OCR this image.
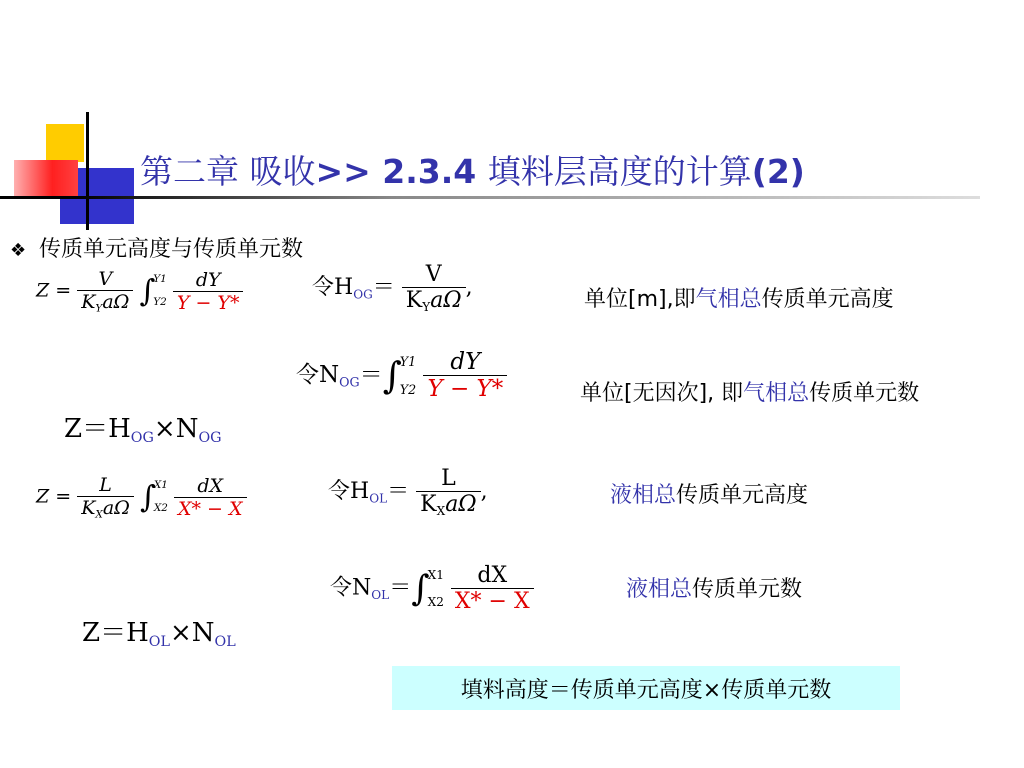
第二章 吸收>> 2.3.4 填料层高度的计算(2)
❖ 传质单元高度与传质单元数
$Z = \frac{V}{K_Ya\Omega}$ ∫
Y1
Y2
$\frac{dY}{Y - Y*}$	令$H_{OG}= \frac{V}{K_Ya\Omega}$ ,	单位[m],即气相总传质单元高度
令$N_{OG}=\int$
Y1
Y2
$\frac{dY}{Y - Y*}$	单位[无因次], 即气相总传质单元数
$Z=H_{OG}\times N_{OG}$
$Z = \frac{L}{K_Xa\Omega}$ ∫
X1
X2
$\frac{dX}{X* - X}$	令$H_{OL}= \frac{L}{K_Xa\Omega}$ ,	液相总传质单元高度
令$N_{OL}=\int$
X1
X2
$\frac{dX}{X* - X}$	液相总传质单元数
$Z=H_{OL}\times N_{OL}$
填料高度＝传质单元高度×传质单元数
